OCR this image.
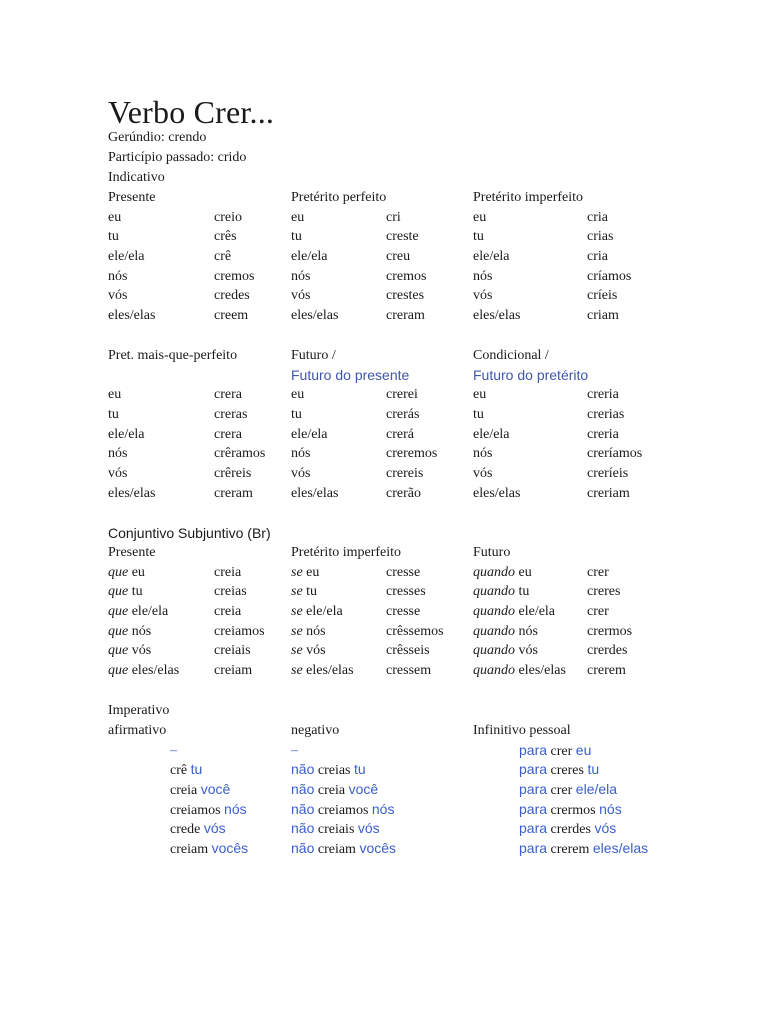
Verbo Crer...
Gerúndio: crendo
Particípio passado: crido
Indicativo
Presente
eu
tu
ele/ela
nós
vós
eles/elas
creio
crês
crê
cremos
credes
creem
Pretérito perfeito
eu
tu
ele/ela
nós
vós
eles/elas
cri
creste
creu
cremos
crestes
creram
Pretérito imperfeito
eu
tu
ele/ela
nós
vós
eles/elas
cria
crias
cria
críamos
críeis
criam
Pret. mais-que-perfeito
eu
tu
ele/ela
nós
vós
eles/elas
crera
creras
crera
crêramos
crêreis
creram
Futuro /
Futuro do presente
eu
tu
ele/ela
nós
vós
eles/elas
crerei
crerás
crerá
creremos
crereis
crerão
Condicional /
Futuro do pretérito
eu
tu
ele/ela
nós
vós
eles/elas
creria
crerias
creria
creríamos
creríeis
creriam
Conjuntivo Subjuntivo (Br)
Presente
que eu
que tu
que ele/ela
que nós
que vós
que eles/elas
creia
creias
creia
creiamos
creiais
creiam
Pretérito imperfeito
se eu
se tu
se ele/ela
se nós
se vós
se eles/elas
cresse
cresses
cresse
crêssemos
crêsseis
cressem
Futuro
quando eu
quando tu
quando ele/ela
quando nós
quando vós
quando eles/elas
crer
creres
crer
crermos
crerdes
crerem
Imperativo
afirmativo
–
crê tu
creia você
creiamos nós
crede vós
creiam vocês
negativo
–
não creias tu
não creia você
não creiamos nós
não creiais vós
não creiam vocês
Infinitivo pessoal
para crer eu
para creres tu
para crer ele/ela
para crermos nós
para crerdes vós
para crerem eles/elas
